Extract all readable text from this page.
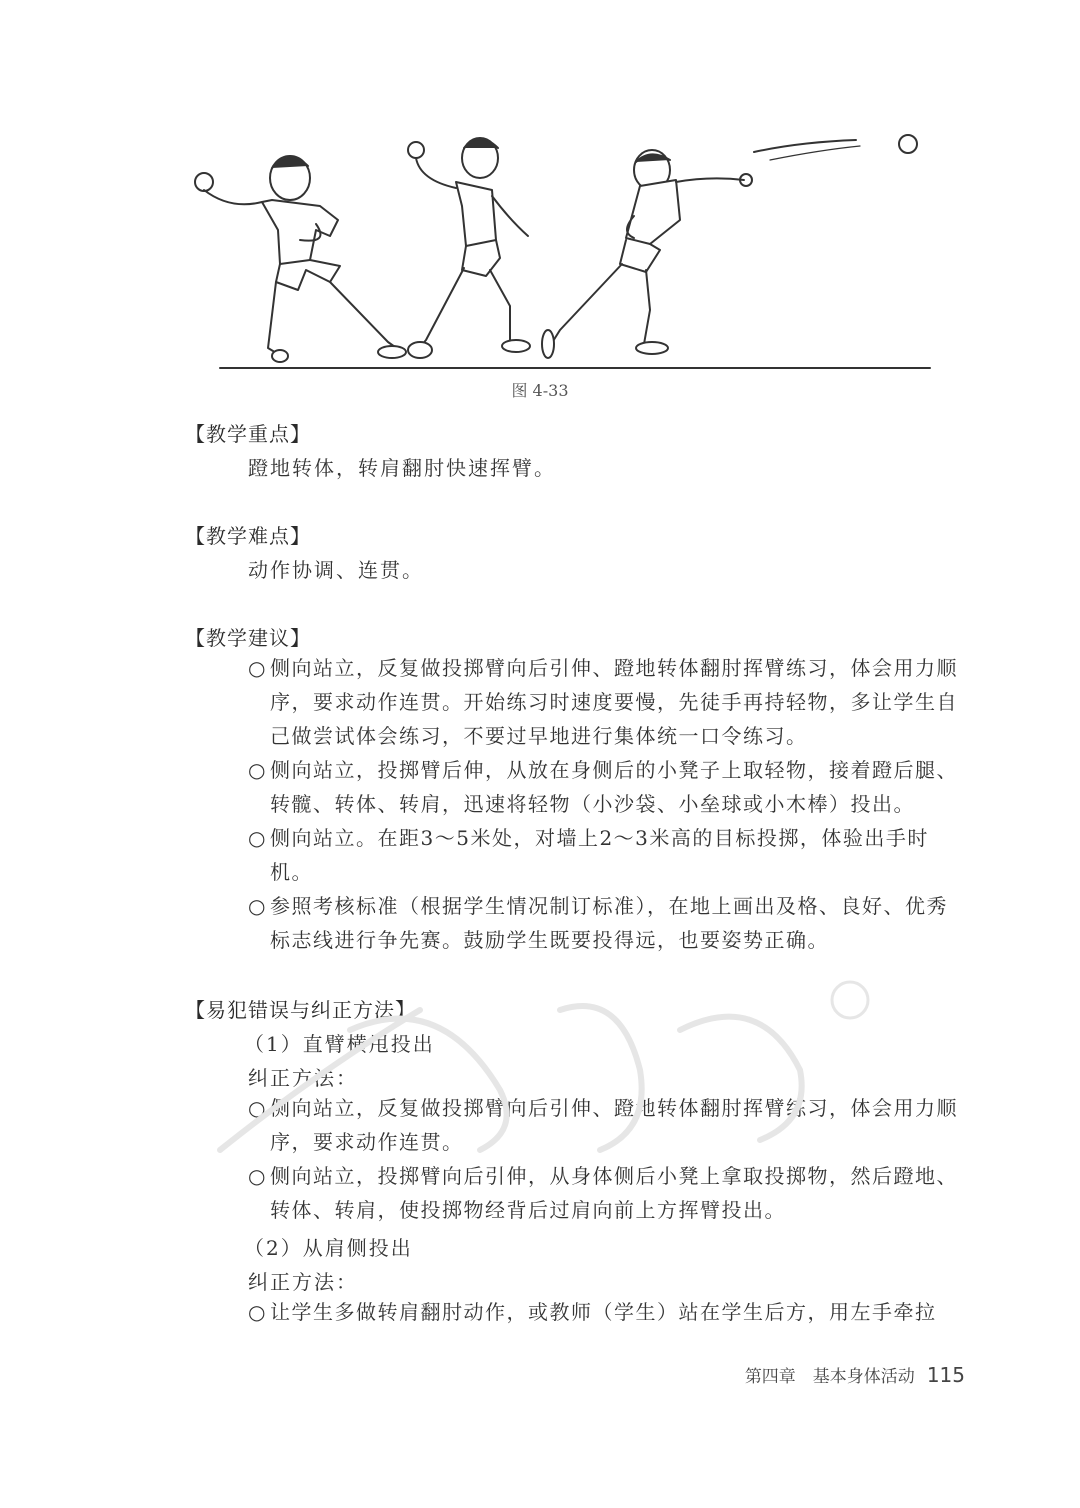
图 4-33
【教学重点】
蹬地转体，转肩翻肘快速挥臂。
【教学难点】
动作协调、连贯。
【教学建议】
○ 侧向站立，反复做投掷臂向后引伸、蹬地转体翻肘挥臂练习，体会用力顺序，要求动作连贯。开始练习时速度要慢，先徒手再持轻物，多让学生自己做尝试体会练习，不要过早地进行集体统一口令练习。
○ 侧向站立，投掷臂后伸，从放在身侧后的小凳子上取轻物，接着蹬后腿、转髋、转体、转肩，迅速将轻物（小沙袋、小垒球或小木棒）投出。
○ 侧向站立。在距3～5米处，对墙上2～3米高的目标投掷，体验出手时机。
○ 参照考核标准（根据学生情况制订标准），在地上画出及格、良好、优秀标志线进行争先赛。鼓励学生既要投得远，也要姿势正确。
【易犯错误与纠正方法】
（1）直臂横甩投出
纠正方法：
○ 侧向站立，反复做投掷臂向后引伸、蹬地转体翻肘挥臂练习，体会用力顺序，要求动作连贯。
○ 侧向站立，投掷臂向后引伸，从身体侧后小凳上拿取投掷物，然后蹬地、转体、转肩，使投掷物经背后过肩向前上方挥臂投出。
（2）从肩侧投出
纠正方法：
○ 让学生多做转肩翻肘动作，或教师（学生）站在学生后方，用左手牵拉
第四章　基本身体活动 115
